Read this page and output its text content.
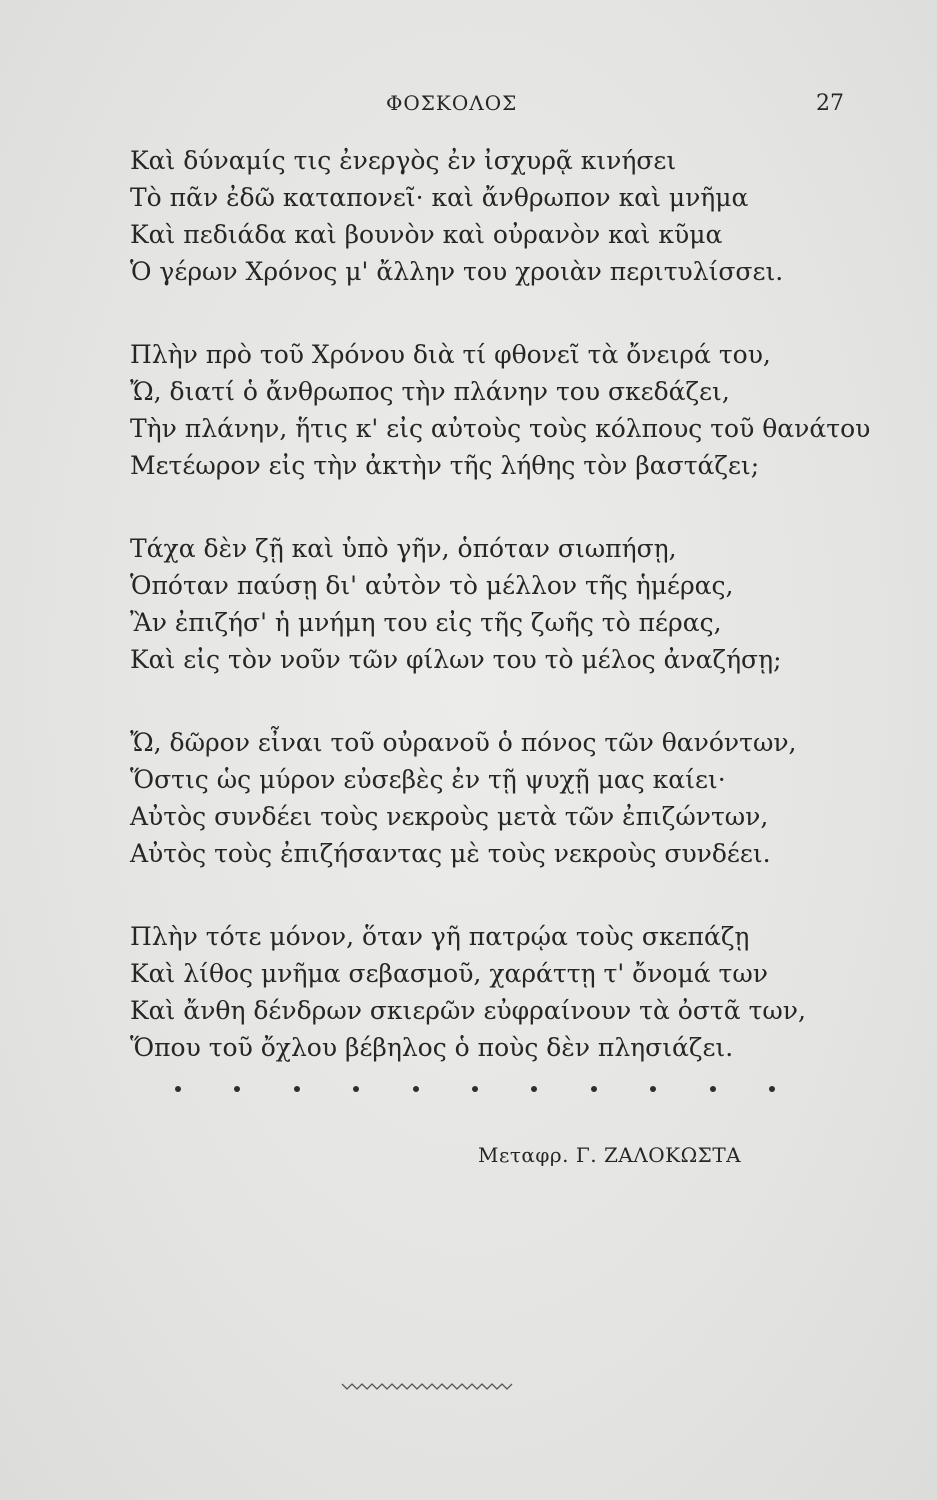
ΦΟΣΚΟΛΟΣ	27
Καὶ δύναμίς τις ἐνεργὸς ἐν ἰσχυρᾷ κινήσει
Τὸ πᾶν ἐδῶ καταπονεῖ· καὶ ἄνθρωπον καὶ μνῆμα
Καὶ πεδιάδα καὶ βουνὸν καὶ οὐρανὸν καὶ κῦμα
Ὁ γέρων Χρόνος μ' ἄλλην του χροιὰν περιτυλίσσει.
Πλὴν πρὸ τοῦ Χρόνου διὰ τί φθονεῖ τὰ ὄνειρά του,
Ὤ, διατί ὁ ἄνθρωπος τὴν πλάνην του σκεδάζει,
Τὴν πλάνην, ἥτις κ' εἰς αὐτοὺς τοὺς κόλπους τοῦ θανάτου
Μετέωρον εἰς τὴν ἀκτὴν τῆς λήθης τὸν βαστάζει;
Τάχα δὲν ζῇ καὶ ὑπὸ γῆν, ὁπόταν σιωπήσῃ,
Ὁπόταν παύσῃ δι' αὐτὸν τὸ μέλλον τῆς ἡμέρας,
Ἂν ἐπιζήσ' ἡ μνήμη του εἰς τῆς ζωῆς τὸ πέρας,
Καὶ εἰς τὸν νοῦν τῶν φίλων του τὸ μέλος ἀναζήσῃ;
Ὤ, δῶρον εἶναι τοῦ οὐρανοῦ ὁ πόνος τῶν θανόντων,
Ὅστις ὡς μύρον εὐσεβὲς ἐν τῇ ψυχῇ μας καίει·
Αὐτὸς συνδέει τοὺς νεκροὺς μετὰ τῶν ἐπιζώντων,
Αὐτὸς τοὺς ἐπιζήσαντας μὲ τοὺς νεκροὺς συνδέει.
Πλὴν τότε μόνον, ὅταν γῆ πατρῴα τοὺς σκεπάζῃ
Καὶ λίθος μνῆμα σεβασμοῦ, χαράττῃ τ' ὄνομά των
Καὶ ἄνθη δένδρων σκιερῶν εὐφραίνουν τὰ ὀστᾶ των,
Ὅπου τοῦ ὄχλου βέβηλος ὁ ποὺς δὲν πλησιάζει.
Μεταφρ. Γ. ΖΑΛΟΚΩΣΤΑ
